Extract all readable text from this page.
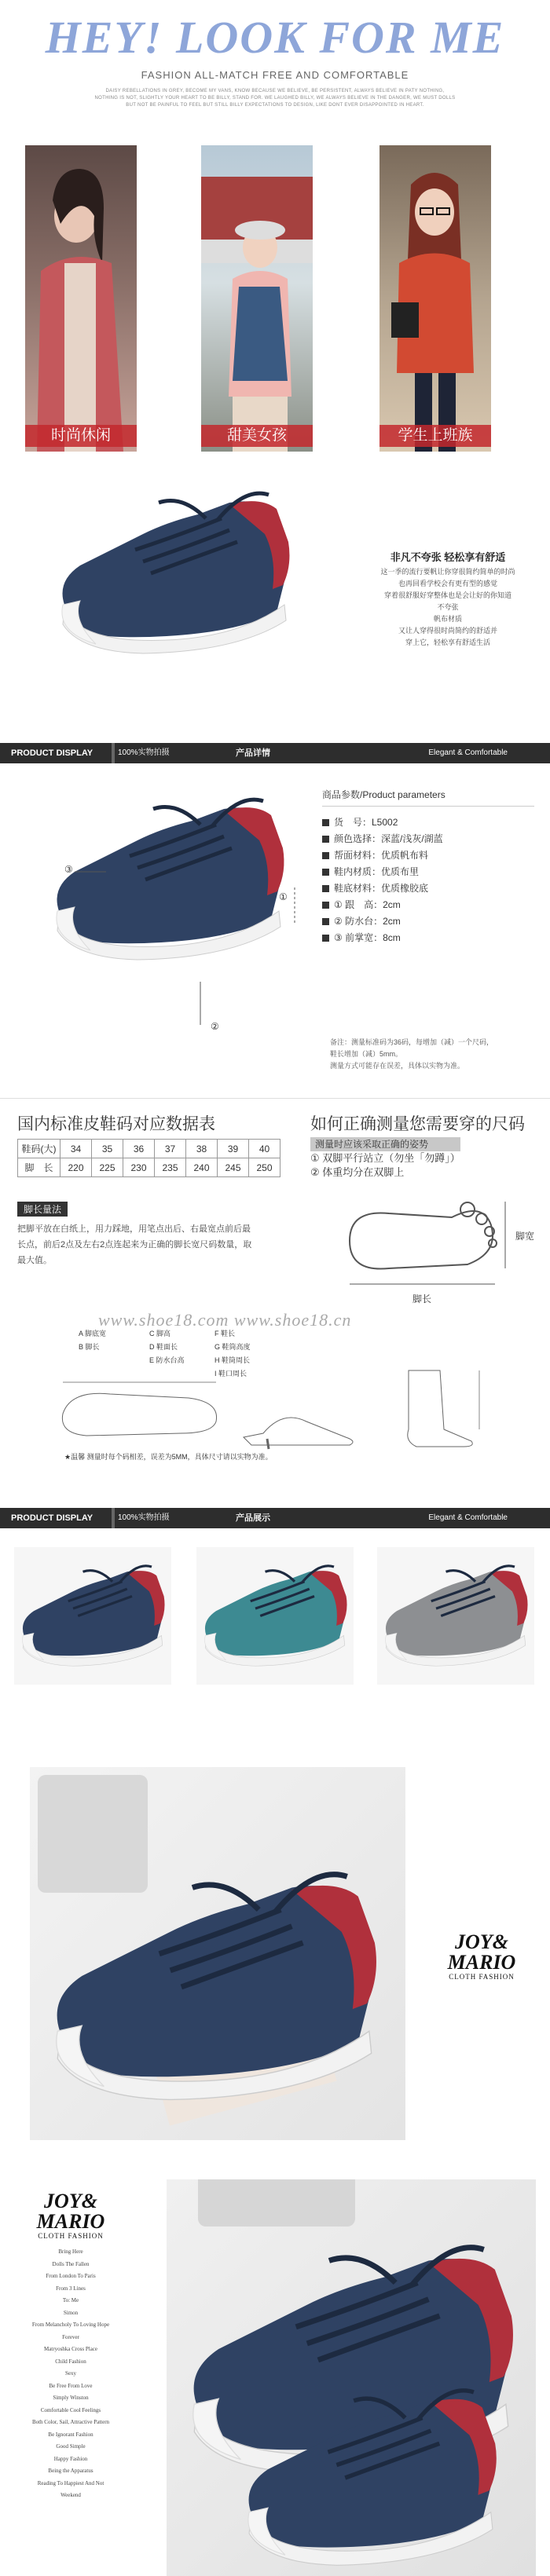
HEY! LOOK FOR ME
FASHION ALL-MATCH FREE AND COMFORTABLE
DAISY REBELLATIONS IN GREY, BECOME MY VANS, KNOW BECAUSE WE BELIEVE, BE PERSISTENT, ALWAYS BELIEVE IN PATY NOTHING, NOTHING IS NOT, SLIGHTLY YOUR HEART TO BE BILLY, STAND FOR. WE LAUGHED BILLY, WE ALWAYS BELIEVE IN THE DANGER, WE MUST DOLLS BUT NOT BE PAINFUL TO FEEL BUT STILL BILLY EXPECTATIONS TO DESIGN, LIKE DONT EVER DISAPPOINTED IN HEART.
时尚休闲	甜美女孩	学生上班族
非凡不夸张 轻松享有舒适
这一季的流行要帆让你穿很简约简单的时尚
也再回看学校会有更有型的感觉
穿着很舒服好穿整体也是会让好的你知道
不夸张
帆布材质
又让人穿得很时尚简约的舒适并
穿上它，轻松享有舒适生活
PRODUCT DISPLAY	100%实物拍摄	产品详情	Elegant & Comfortable
③
①
②
商品参数/Product parameters
货　号：L5002
颜色选择：深蓝/浅灰/湖蓝
帮面材料：优质帆布料
鞋内材质：优质布里
鞋底材料：优质橡胶底
① 跟　高：2cm
② 防水台：2cm
③ 前掌宽：8cm
备注：测量标准码为36码，每增加（减）一个尺码，
鞋长增加（减）5mm。
测量方式可能存在误差，具体以实物为准。
国内标准皮鞋码对应数据表
鞋码(大)	34	35	36	37	38	39	40
脚　长	220	225	230	235	240	245	250
如何正确测量您需要穿的尺码
测量时应该采取正确的姿势
① 双脚平行站立（勿坐「勿蹲」）
② 体重均分在双脚上
脚宽
脚长
脚长量法
把脚平放在白纸上，用力踩地，用笔点出后、右最宽点前后最长点，前后2点及左右2点连起来为正确的脚长宽尺码数量，取最大值。
www.shoe18.com www.shoe18.cn
A 脚底宽
B 脚长
C 脚高
D 鞋面长
E 防水台高
F 鞋长
G 鞋筒高度
H 鞋筒周长
I 鞋口周长
★温馨 测量时每个码相差，误差为5MM，具体尺寸请以实物为准。
PRODUCT DISPLAY	100%实物拍摄	产品展示	Elegant & Comfortable
JOY&
MARIO
CLOTH FASHION
JOY&
MARIO
CLOTH FASHION
Bring Here
Dolls The Fallen
From London To Paris
From 3 Lines
To: Me
Simon
From Melancholy To Loving Hope
Forever
Matryoshka Cross Place
Child Fashion
Sexy
Be Free From Love
Simply Winston
Comfortable Cool Feelings
Both Color, Sail, Attractive Pattern
Be Ignorant Fashion
Good Simple
Happy Fashion
Being the Apparatus
Reading To Happiest And Not
Weekend
